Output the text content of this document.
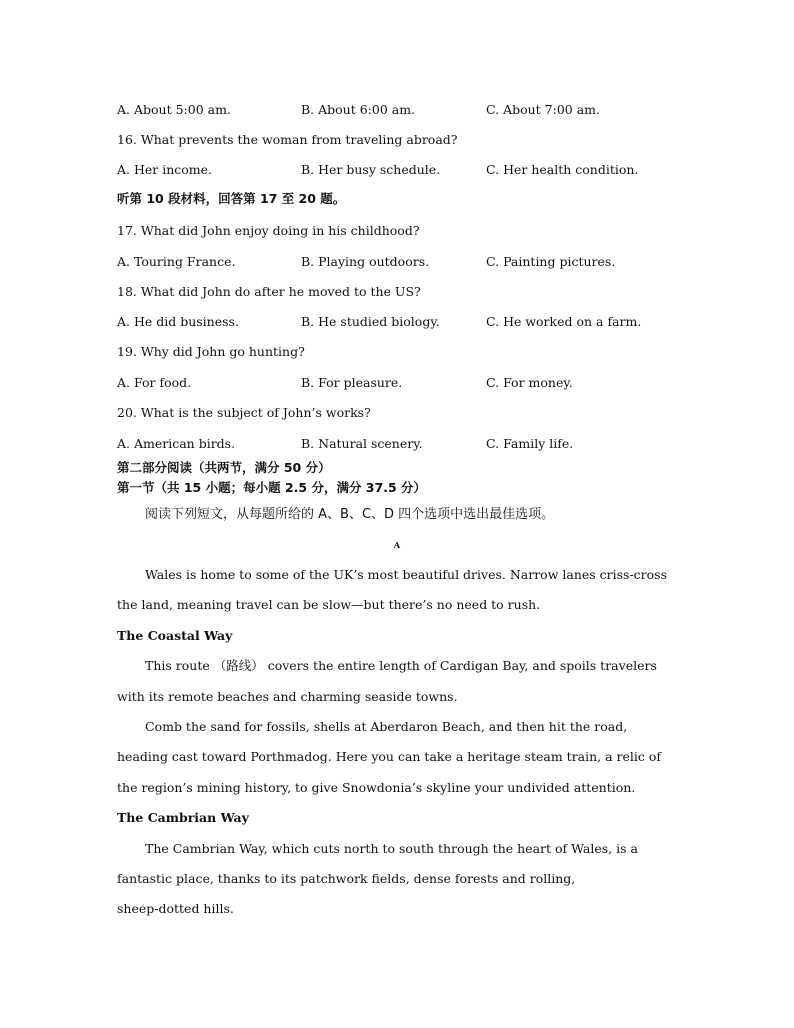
A. About 5:00 am.	B. About 6:00 am.	C. About 7:00 am.
16. What prevents the woman from traveling abroad?
A. Her income.	B. Her busy schedule.	C. Her health condition.
听第 10 段材料，回答第 17 至 20 题。
17. What did John enjoy doing in his childhood?
A. Touring France.	B. Playing outdoors.	C. Painting pictures.
18. What did John do after he moved to the US?
A. He did business.	B. He studied biology.	C. He worked on a farm.
19. Why did John go hunting?
A. For food.	B. For pleasure.	C. For money.
20. What is the subject of John’s works?
A. American birds.	B. Natural scenery.	C. Family life.
第二部分阅读（共两节，满分 50 分）
第一节（共 15 小题；每小题 2.5 分，满分 37.5 分）
阅读下列短文，从每题所给的 A、B、C、D 四个选项中选出最佳选项。
A
Wales is home to some of the UK’s most beautiful drives. Narrow lanes criss-cross
the land, meaning travel can be slow—but there’s no need to rush.
The Coastal Way
This route （路线） covers the entire length of Cardigan Bay, and spoils travelers
with its remote beaches and charming seaside towns.
Comb the sand for fossils, shells at Aberdaron Beach, and then hit the road,
heading cast toward Porthmadog. Here you can take a heritage steam train, a relic of
the region’s mining history, to give Snowdonia’s skyline your undivided attention.
The Cambrian Way
The Cambrian Way, which cuts north to south through the heart of Wales, is a
fantastic place, thanks to its patchwork fields, dense forests and rolling,
sheep-dotted hills.
